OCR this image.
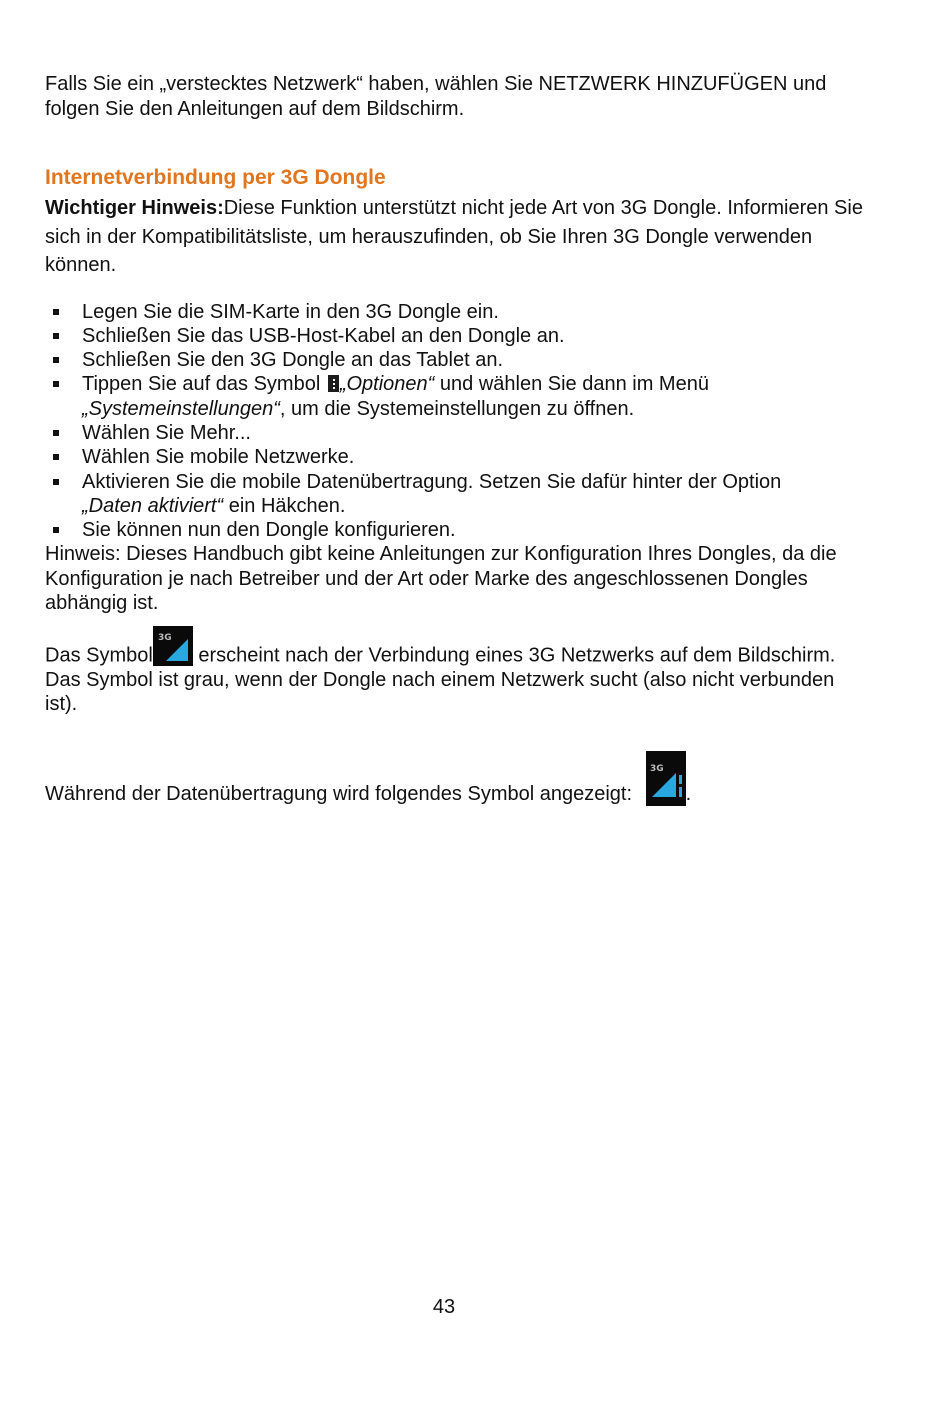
Falls Sie ein „verstecktes Netzwerk“ haben, wählen Sie NETZWERK HINZUFÜGEN und folgen Sie den Anleitungen auf dem Bildschirm.

Internetverbindung per 3G Dongle

Wichtiger Hinweis:Diese Funktion unterstützt nicht jede Art von 3G Dongle. Informieren Sie sich in der Kompatibilitätsliste, um herauszufinden, ob Sie Ihren 3G Dongle verwenden können.

Legen Sie die SIM-Karte in den 3G Dongle ein.
Schließen Sie das USB-Host-Kabel an den Dongle an.
Schließen Sie den 3G Dongle an das Tablet an.
Tippen Sie auf das Symbol „Optionen“ und wählen Sie dann im Menü
„Systemeinstellungen“, um die Systemeinstellungen zu öffnen.
Wählen Sie Mehr...
Wählen Sie mobile Netzwerke.
Aktivieren Sie die mobile Datenübertragung. Setzen Sie dafür hinter der Option
„Daten aktiviert“ ein Häkchen.
Sie können nun den Dongle konfigurieren.

Hinweis: Dieses Handbuch gibt keine Anleitungen zur Konfiguration Ihres Dongles, da die Konfiguration je nach Betreiber und der Art oder Marke des angeschlossenen Dongles abhängig ist.

Das Symbol
3G
erscheint nach der Verbindung eines 3G Netzwerks auf dem Bildschirm.
Das Symbol ist grau, wenn der Dongle nach einem Netzwerk sucht (also nicht verbunden ist).

Während der Datenübertragung wird folgendes Symbol angezeigt:
3G
.

43
